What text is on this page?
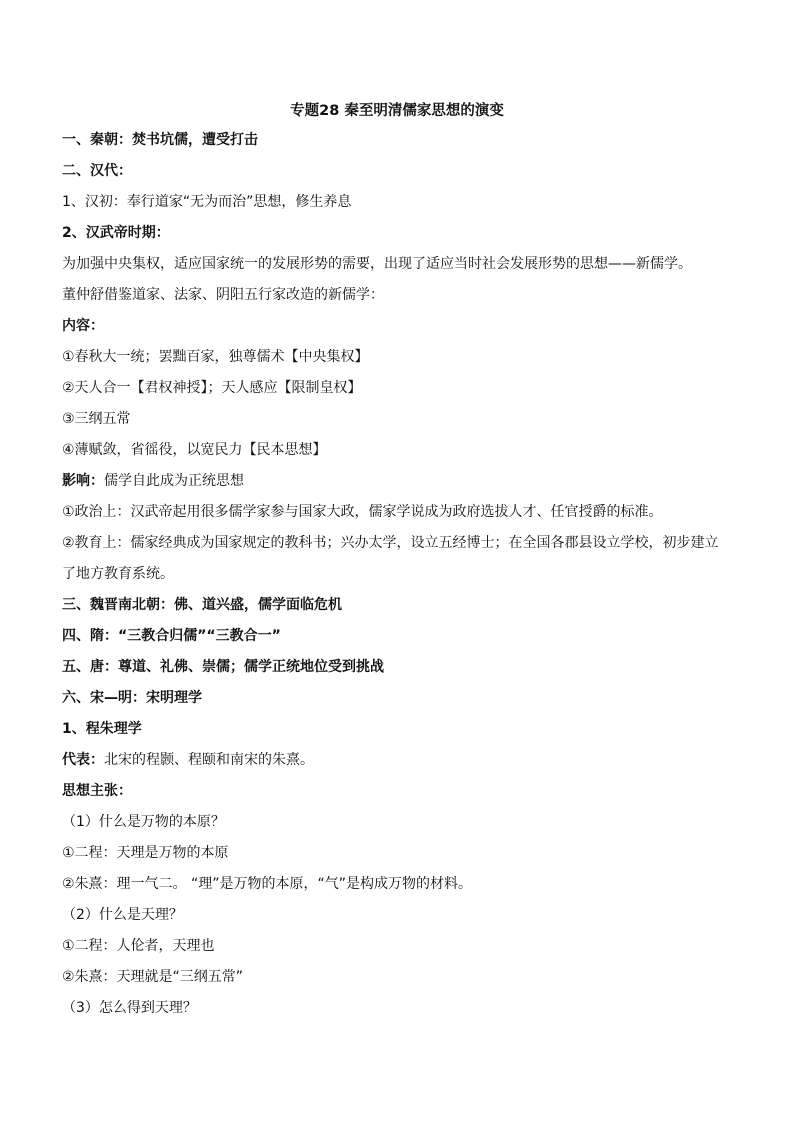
专题28 秦至明清儒家思想的演变

一、秦朝：焚书坑儒，遭受打击

二、汉代：

1、汉初：奉行道家“无为而治”思想，修生养息

2、汉武帝时期：

为加强中央集权，适应国家统一的发展形势的需要，出现了适应当时社会发展形势的思想——新儒学。

董仲舒借鉴道家、法家、阴阳五行家改造的新儒学：

内容：

①春秋大一统；罢黜百家，独尊儒术【中央集权】

②天人合一【君权神授】；天人感应【限制皇权】

③三纲五常

④薄赋敛，省徭役，以宽民力【民本思想】

影响：儒学自此成为正统思想

①政治上：汉武帝起用很多儒学家参与国家大政，儒家学说成为政府选拔人才、任官授爵的标准。

②教育上：儒家经典成为国家规定的教科书；兴办太学，设立五经博士；在全国各郡县设立学校，初步建立了地方教育系统。

三、魏晋南北朝：佛、道兴盛，儒学面临危机

四、隋：“三教合归儒”“三教合一”

五、唐：尊道、礼佛、崇儒；儒学正统地位受到挑战

六、宋—明：宋明理学

1、程朱理学

代表：北宋的程颢、程颐和南宋的朱熹。

思想主张：

（1）什么是万物的本原？

①二程：天理是万物的本原

②朱熹：理一气二。 “理”是万物的本原，“气”是构成万物的材料。

（2）什么是天理？

①二程：人伦者，天理也

②朱熹：天理就是“三纲五常”

（3）怎么得到天理？
